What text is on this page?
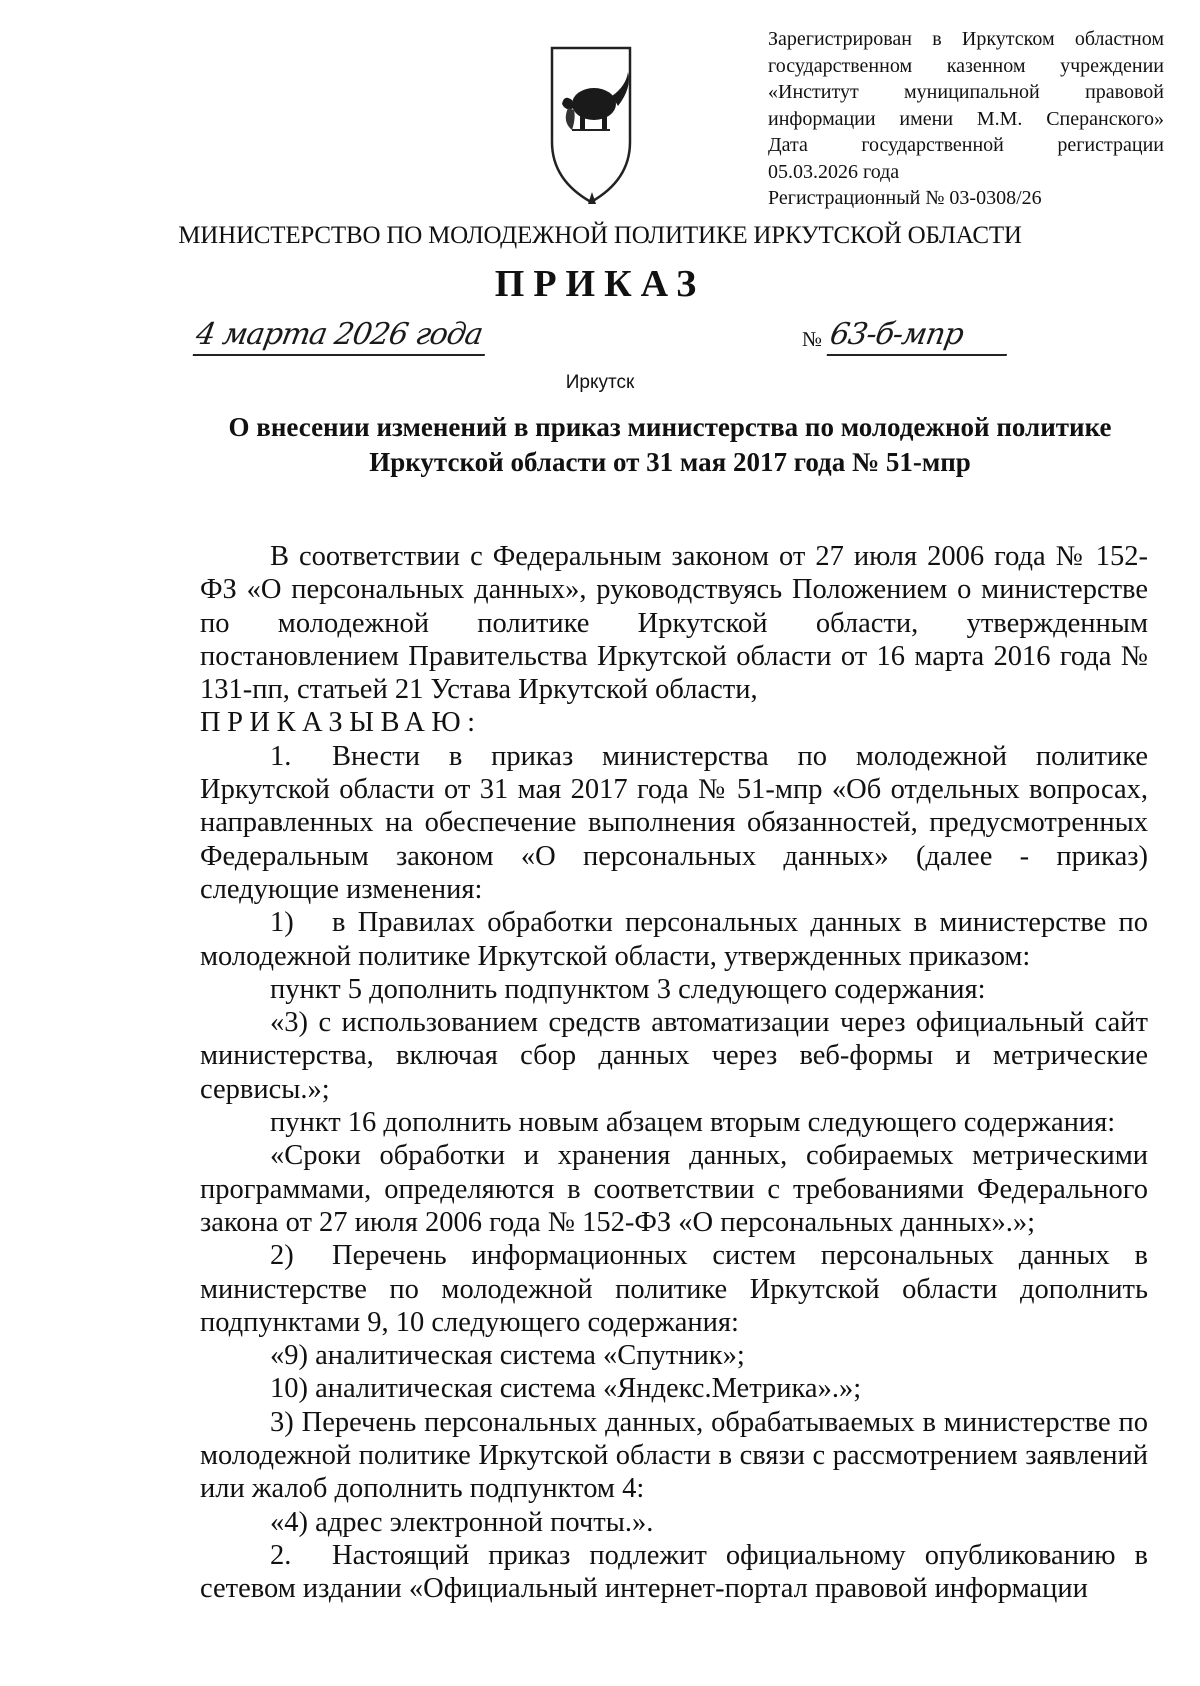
Зарегистрирован в Иркутском областном
государственном казенном учреждении
«Институт муниципальной правовой
информации имени М.М. Сперанского»
Дата государственной регистрации
05.03.2026 года
Регистрационный № 03-0308/26
МИНИСТЕРСТВО ПО МОЛОДЕЖНОЙ ПОЛИТИКЕ ИРКУТСКОЙ ОБЛАСТИ
ПРИКАЗ
4 марта 2026 года	№ 63-б-мпр
Иркутск
О внесении изменений в приказ министерства по молодежной политике
Иркутской области от 31 мая 2017 года № 51-мпр

В соответствии с Федеральным законом от 27 июля 2006 года № 152-ФЗ «О персональных данных», руководствуясь Положением о министерстве по молодежной политике Иркутской области, утвержденным постановлением Правительства Иркутской области от 16 марта 2016 года № 131-пп, статьей 21 Устава Иркутской области,

ПРИКАЗЫВАЮ:

1. Внести в приказ министерства по молодежной политике Иркутской области от 31 мая 2017 года № 51-мпр «Об отдельных вопросах, направленных на обеспечение выполнения обязанностей, предусмотренных Федеральным законом «О персональных данных» (далее - приказ) следующие изменения:

1) в Правилах обработки персональных данных в министерстве по молодежной политике Иркутской области, утвержденных приказом:

пункт 5 дополнить подпунктом 3 следующего содержания:

«3) с использованием средств автоматизации через официальный сайт министерства, включая сбор данных через веб-формы и метрические сервисы.»;

пункт 16 дополнить новым абзацем вторым следующего содержания:

«Сроки обработки и хранения данных, собираемых метрическими программами, определяются в соответствии с требованиями Федерального закона от 27 июля 2006 года № 152-ФЗ «О персональных данных».»;

2) Перечень информационных систем персональных данных в министерстве по молодежной политике Иркутской области дополнить подпунктами 9, 10 следующего содержания:

«9) аналитическая система «Спутник»;

10) аналитическая система «Яндекс.Метрика».»;

3) Перечень персональных данных, обрабатываемых в министерстве по молодежной политике Иркутской области в связи с рассмотрением заявлений или жалоб дополнить подпунктом 4:

«4) адрес электронной почты.».

2. Настоящий приказ подлежит официальному опубликованию в сетевом издании «Официальный интернет-портал правовой информации
